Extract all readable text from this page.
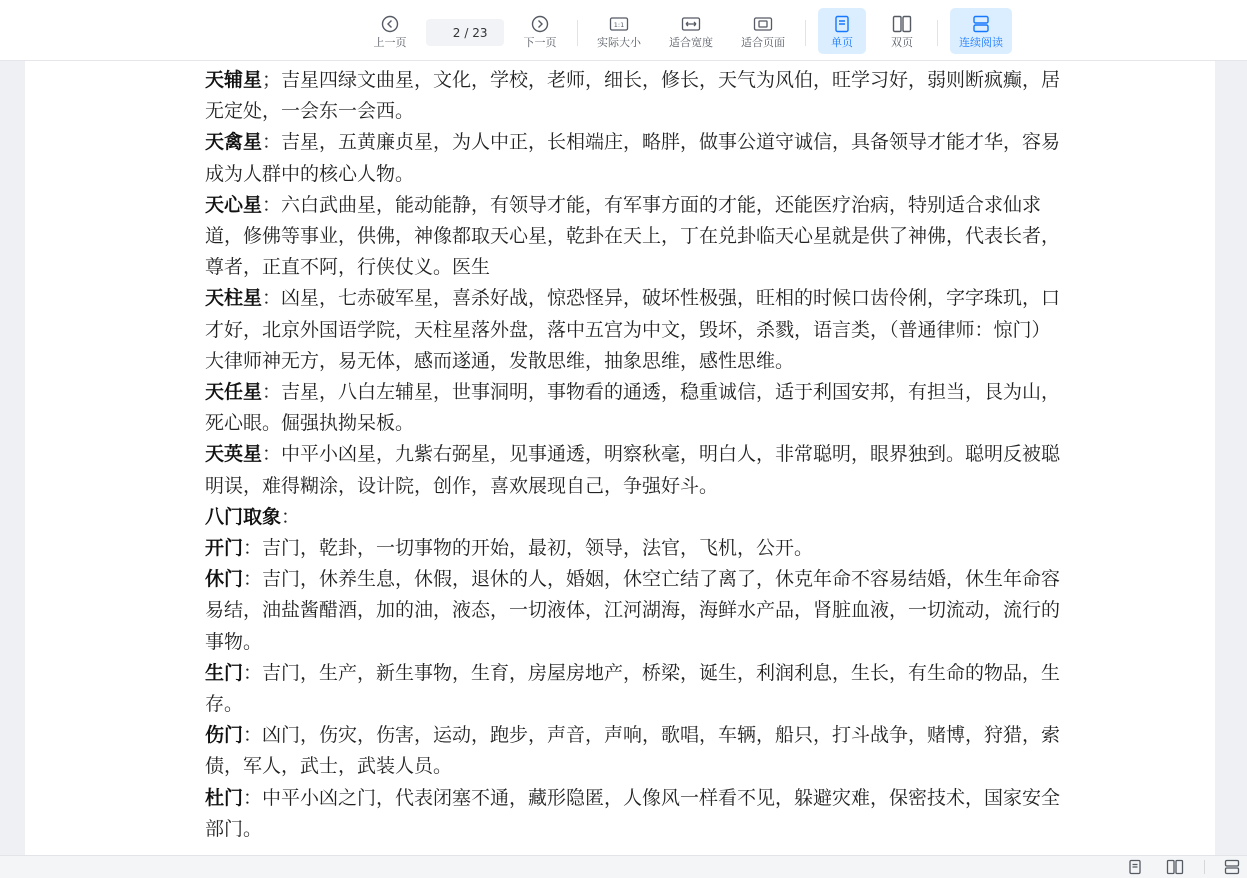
上一页
2
/ 23
下一页
1:1
实际大小	适合宽度	适合页面	单页	双页	连续阅读

天辅星；吉星四绿文曲星，文化，学校，老师，细长，修长，天气为风伯，旺学习好，弱则断疯癫，居无定处，一会东一会西。

天禽星：吉星，五黄廉贞星，为人中正，长相端庄，略胖，做事公道守诚信，具备领导才能才华，容易成为人群中的核心人物。

天心星：六白武曲星，能动能静，有领导才能，有军事方面的才能，还能医疗治病，特别适合求仙求道，修佛等事业，供佛，神像都取天心星，乾卦在天上，丁在兑卦临天心星就是供了神佛，代表长者，尊者，正直不阿，行侠仗义。医生

天柱星：凶星，七赤破军星，喜杀好战，惊恐怪异，破坏性极强，旺相的时候口齿伶俐，字字珠玑，口才好，北京外国语学院，天柱星落外盘，落中五宫为中文，毁坏，杀戮，语言类，（普通律师：惊门）大律师神无方，易无体，感而遂通，发散思维，抽象思维，感性思维。

天任星：吉星，八白左辅星，世事洞明，事物看的通透，稳重诚信，适于利国安邦，有担当，艮为山，死心眼。倔强执拗呆板。

天英星：中平小凶星，九紫右弼星，见事通透，明察秋毫，明白人，非常聪明，眼界独到。聪明反被聪明误，难得糊涂，设计院，创作，喜欢展现自己，争强好斗。

八门取象：

开门：吉门，乾卦，一切事物的开始，最初，领导，法官，飞机，公开。

休门：吉门，休养生息，休假，退休的人，婚姻，休空亡结了离了，休克年命不容易结婚，休生年命容易结，油盐酱醋酒，加的油，液态，一切液体，江河湖海，海鲜水产品，肾脏血液，一切流动，流行的事物。

生门：吉门，生产，新生事物，生育，房屋房地产，桥梁，诞生，利润利息，生长，有生命的物品，生存。

伤门：凶门，伤灾，伤害，运动，跑步，声音，声响，歌唱，车辆，船只，打斗战争，赌博，狩猎，索债，军人，武士，武装人员。

杜门：中平小凶之门，代表闭塞不通，藏形隐匿，人像风一样看不见，躲避灾难，保密技术，国家安全部门。
